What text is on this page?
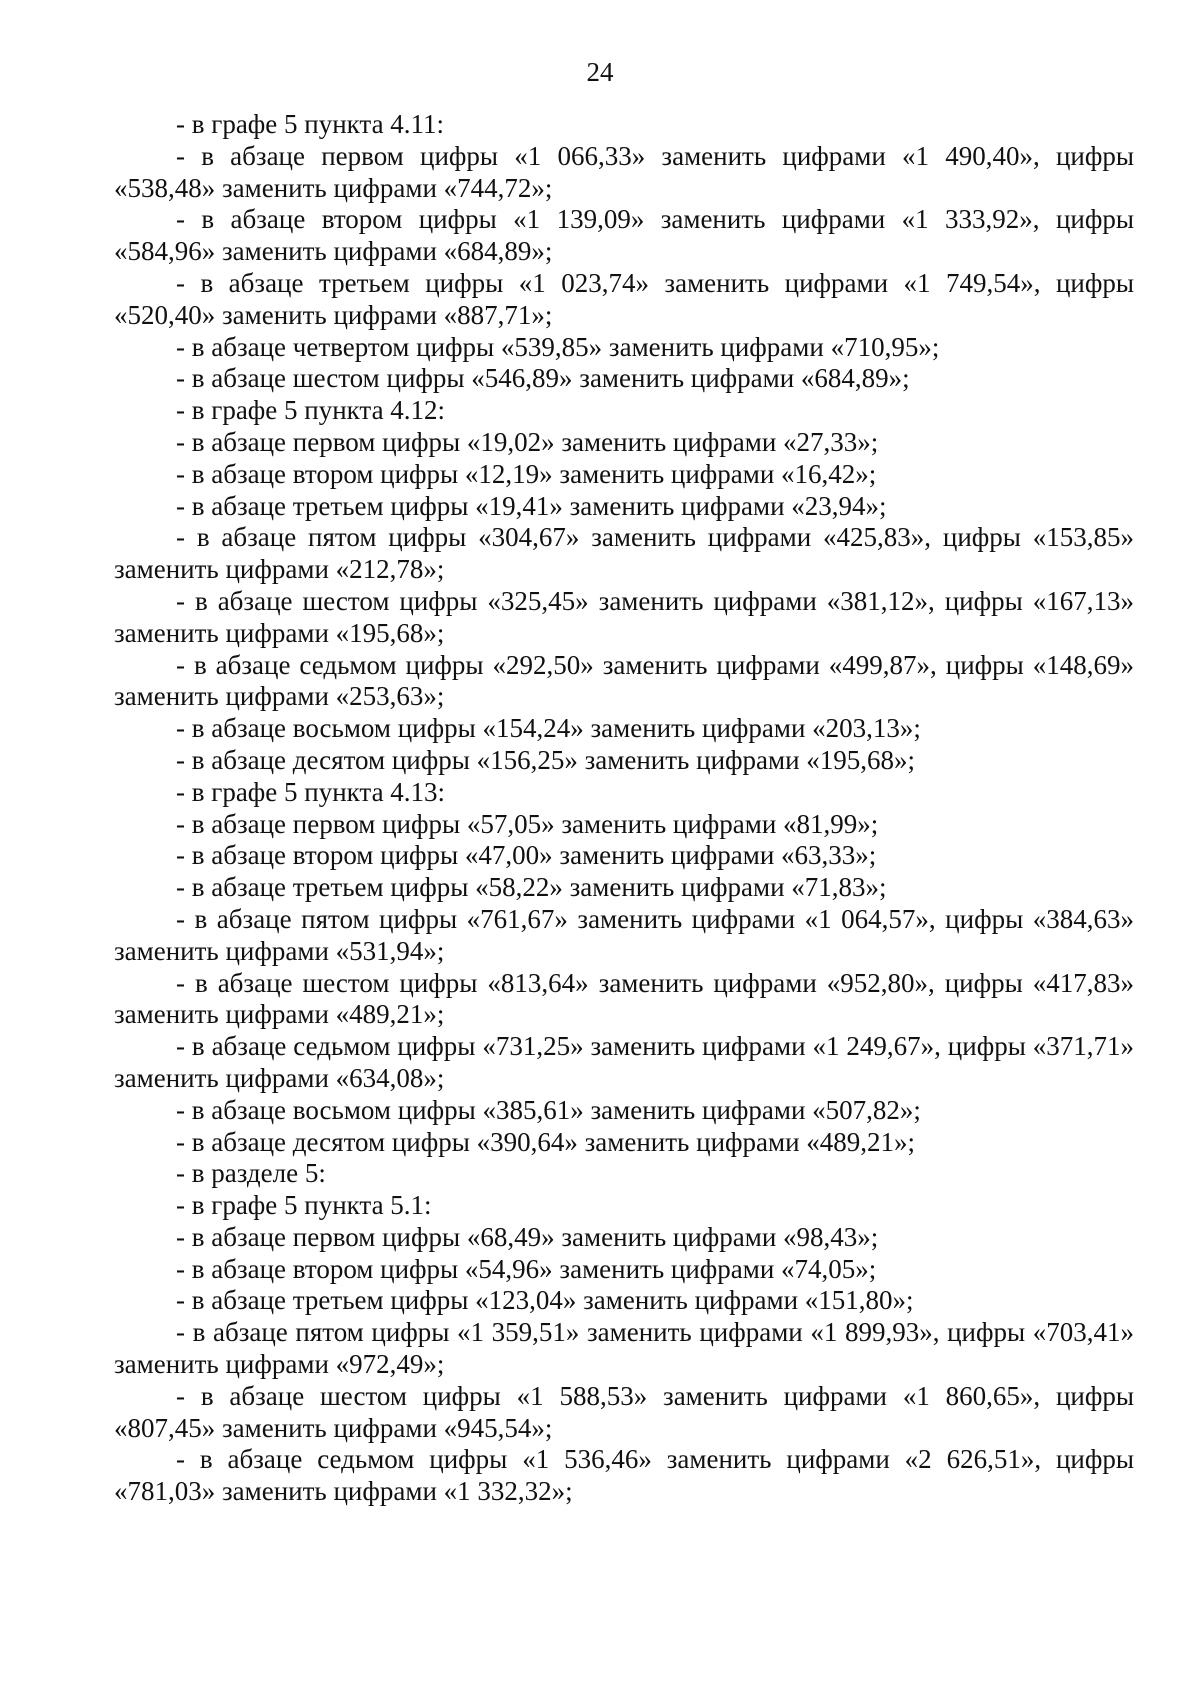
24

- в графе 5 пункта 4.11:

- в абзаце первом цифры «1 066,33» заменить цифрами «1 490,40», цифры «538,48» заменить цифрами «744,72»;

- в абзаце втором цифры «1 139,09» заменить цифрами «1 333,92», цифры «584,96» заменить цифрами «684,89»;

- в абзаце третьем цифры «1 023,74» заменить цифрами «1 749,54», цифры «520,40» заменить цифрами «887,71»;

- в абзаце четвертом цифры «539,85» заменить цифрами «710,95»;

- в абзаце шестом цифры «546,89» заменить цифрами «684,89»;

- в графе 5 пункта 4.12:

- в абзаце первом цифры «19,02» заменить цифрами «27,33»;

- в абзаце втором цифры «12,19» заменить цифрами «16,42»;

- в абзаце третьем цифры «19,41» заменить цифрами «23,94»;

- в абзаце пятом цифры «304,67» заменить цифрами «425,83», цифры «153,85» заменить цифрами «212,78»;

- в абзаце шестом цифры «325,45» заменить цифрами «381,12», цифры «167,13» заменить цифрами «195,68»;

- в абзаце седьмом цифры «292,50» заменить цифрами «499,87», цифры «148,69» заменить цифрами «253,63»;

- в абзаце восьмом цифры «154,24» заменить цифрами «203,13»;

- в абзаце десятом цифры «156,25» заменить цифрами «195,68»;

- в графе 5 пункта 4.13:

- в абзаце первом цифры «57,05» заменить цифрами «81,99»;

- в абзаце втором цифры «47,00» заменить цифрами «63,33»;

- в абзаце третьем цифры «58,22» заменить цифрами «71,83»;

- в абзаце пятом цифры «761,67» заменить цифрами «1 064,57», цифры «384,63» заменить цифрами «531,94»;

- в абзаце шестом цифры «813,64» заменить цифрами «952,80», цифры «417,83» заменить цифрами «489,21»;

- в абзаце седьмом цифры «731,25» заменить цифрами «1 249,67», цифры «371,71» заменить цифрами «634,08»;

- в абзаце восьмом цифры «385,61» заменить цифрами «507,82»;

- в абзаце десятом цифры «390,64» заменить цифрами «489,21»;

- в разделе 5:

- в графе 5 пункта 5.1:

- в абзаце первом цифры «68,49» заменить цифрами «98,43»;

- в абзаце втором цифры «54,96» заменить цифрами «74,05»;

- в абзаце третьем цифры «123,04» заменить цифрами «151,80»;

- в абзаце пятом цифры «1 359,51» заменить цифрами «1 899,93», цифры «703,41» заменить цифрами «972,49»;

- в абзаце шестом цифры «1 588,53» заменить цифрами «1 860,65», цифры «807,45» заменить цифрами «945,54»;

- в абзаце седьмом цифры «1 536,46» заменить цифрами «2 626,51», цифры «781,03» заменить цифрами «1 332,32»;
